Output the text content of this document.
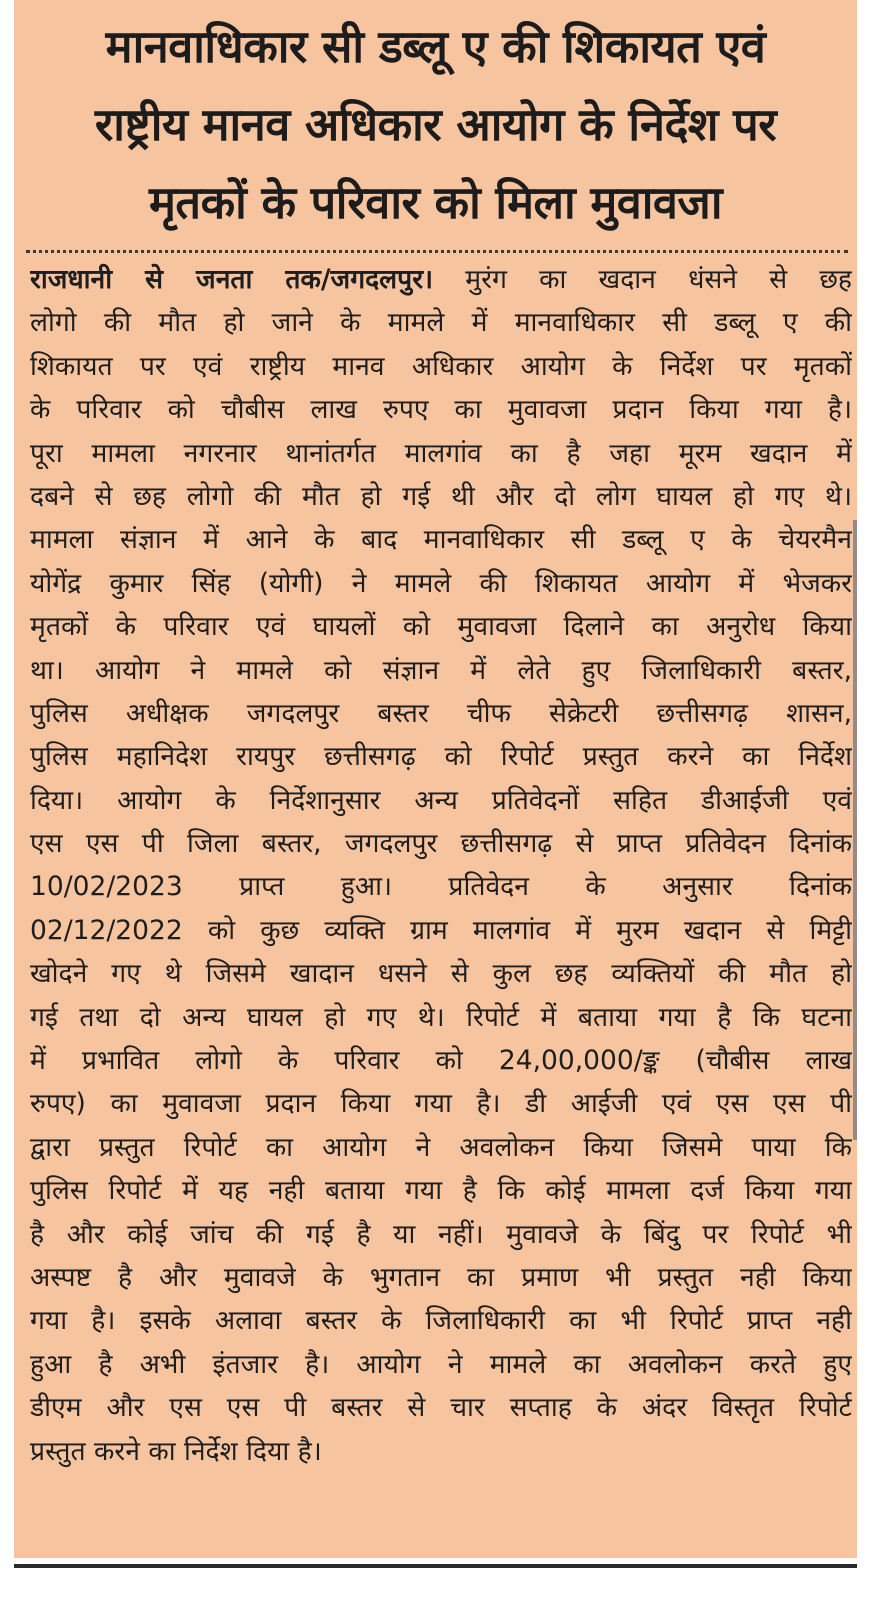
मानवाधिकार सी डब्लू ए की शिकायत एवं
राष्ट्रीय मानव अधिकार आयोग के निर्देश पर
मृतकों के परिवार को मिला मुवावजा
राजधानी से जनता तक/जगदलपुर। मुरंग का खदान धंसने से छह
लोगो की मौत हो जाने के मामले में मानवाधिकार सी डब्लू ए की
शिकायत पर एवं राष्ट्रीय मानव अधिकार आयोग के निर्देश पर मृतकों
के परिवार को चौबीस लाख रुपए का मुवावजा प्रदान किया गया है।
पूरा मामला नगरनार थानांतर्गत मालगांव का है जहा मूरम खदान में
दबने से छह लोगो की मौत हो गई थी और दो लोग घायल हो गए थे।
मामला संज्ञान में आने के बाद मानवाधिकार सी डब्लू ए के चेयरमैन
योगेंद्र कुमार सिंह (योगी) ने मामले की शिकायत आयोग में भेजकर
मृतकों के परिवार एवं घायलों को मुवावजा दिलाने का अनुरोध किया
था। आयोग ने मामले को संज्ञान में लेते हुए जिलाधिकारी बस्तर,
पुलिस अधीक्षक जगदलपुर बस्तर चीफ सेक्रेटरी छत्तीसगढ़ शासन,
पुलिस महानिदेश रायपुर छत्तीसगढ़ को रिपोर्ट प्रस्तुत करने का निर्देश
दिया। आयोग के निर्देशानुसार अन्य प्रतिवेदनों सहित डीआईजी एवं
एस एस पी जिला बस्तर, जगदलपुर छत्तीसगढ़ से प्राप्त प्रतिवेदन दिनांक
10/02/2023 प्राप्त हुआ। प्रतिवेदन के अनुसार दिनांक
02/12/2022 को कुछ व्यक्ति ग्राम मालगांव में मुरम खदान से मिट्टी
खोदने गए थे जिसमे खादान धसने से कुल छह व्यक्तियों की मौत हो
गई तथा दो अन्य घायल हो गए थे। रिपोर्ट में बताया गया है कि घटना
में प्रभावित लोगो के परिवार को 24,00,000/ङ्क (चौबीस लाख
रुपए) का मुवावजा प्रदान किया गया है। डी आईजी एवं एस एस पी
द्वारा प्रस्तुत रिपोर्ट का आयोग ने अवलोकन किया जिसमे पाया कि
पुलिस रिपोर्ट में यह नही बताया गया है कि कोई मामला दर्ज किया गया
है और कोई जांच की गई है या नहीं। मुवावजे के बिंदु पर रिपोर्ट भी
अस्पष्ट है और मुवावजे के भुगतान का प्रमाण भी प्रस्तुत नही किया
गया है। इसके अलावा बस्तर के जिलाधिकारी का भी रिपोर्ट प्राप्त नही
हुआ है अभी इंतजार है। आयोग ने मामले का अवलोकन करते हुए
डीएम और एस एस पी बस्तर से चार सप्ताह के अंदर विस्तृत रिपोर्ट
प्रस्तुत करने का निर्देश दिया है।
